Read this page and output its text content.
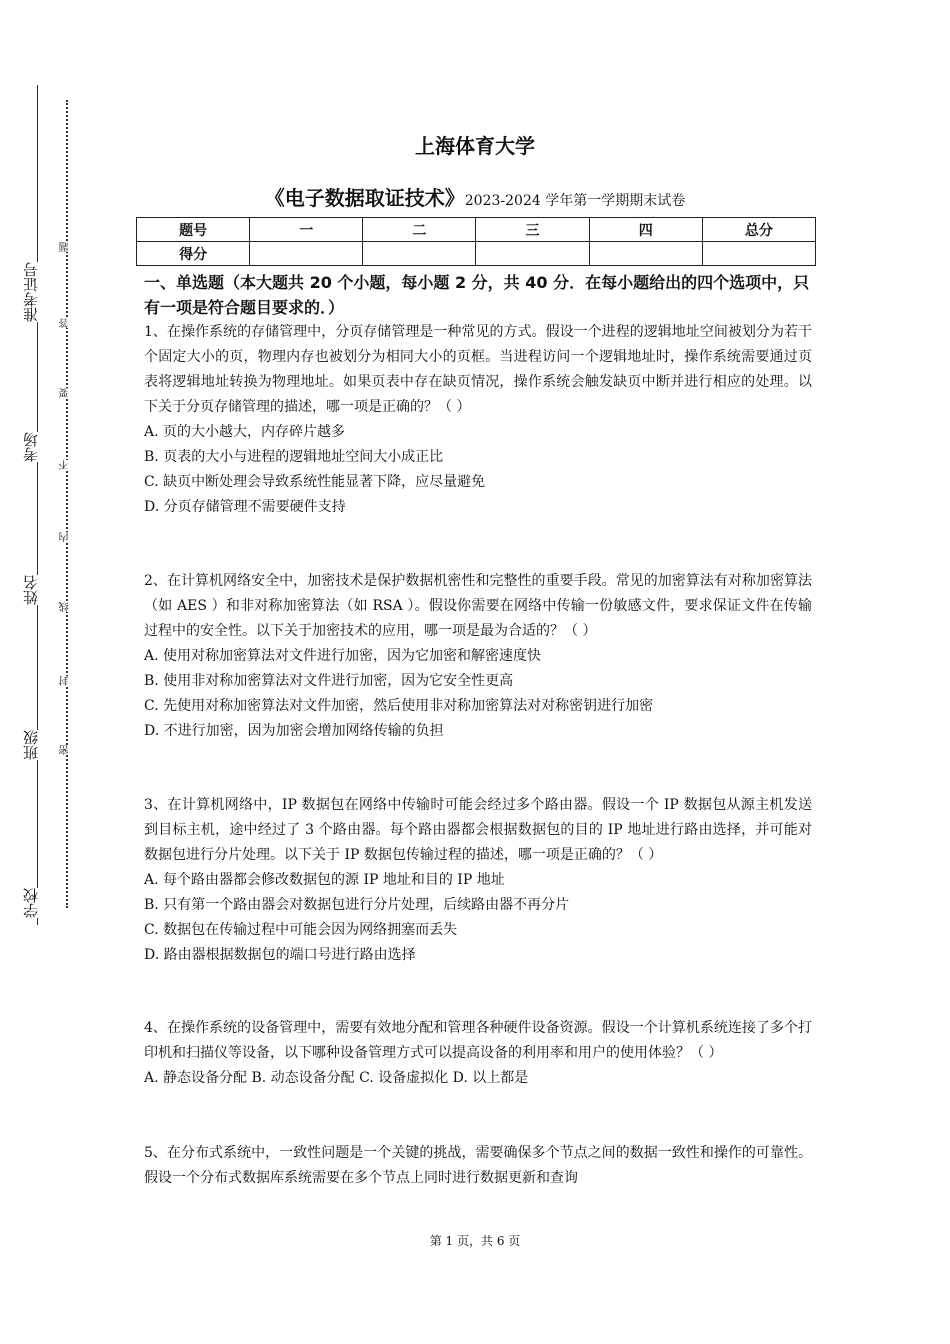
准考证号
考场
姓名
班级
学校
题
答
要
不
内
线
封
密
上海体育大学
《电子数据取证技术》2023-2024 学年第一学期期末试卷
题号	一	二	三	四	总分
得分					
一、单选题（本大题共 20 个小题，每小题 2 分，共 40 分．在每小题给出的四个选项中，只有一项是符合题目要求的．）

1、在操作系统的存储管理中，分页存储管理是一种常见的方式。假设一个进程的逻辑地址空间被划分为若干个固定大小的页，物理内存也被划分为相同大小的页框。当进程访问一个逻辑地址时，操作系统需要通过页表将逻辑地址转换为物理地址。如果页表中存在缺页情况，操作系统会触发缺页中断并进行相应的处理。以下关于分页存储管理的描述，哪一项是正确的？（ ）

A. 页的大小越大，内存碎片越多

B. 页表的大小与进程的逻辑地址空间大小成正比

C. 缺页中断处理会导致系统性能显著下降，应尽量避免

D. 分页存储管理不需要硬件支持

2、在计算机网络安全中，加密技术是保护数据机密性和完整性的重要手段。常见的加密算法有对称加密算法（如 AES ）和非对称加密算法（如 RSA ）。假设你需要在网络中传输一份敏感文件，要求保证文件在传输过程中的安全性。以下关于加密技术的应用，哪一项是最为合适的？（ ）

A. 使用对称加密算法对文件进行加密，因为它加密和解密速度快

B. 使用非对称加密算法对文件进行加密，因为它安全性更高

C. 先使用对称加密算法对文件加密，然后使用非对称加密算法对对称密钥进行加密

D. 不进行加密，因为加密会增加网络传输的负担

3、在计算机网络中，IP 数据包在网络中传输时可能会经过多个路由器。假设一个 IP 数据包从源主机发送到目标主机，途中经过了 3 个路由器。每个路由器都会根据数据包的目的 IP 地址进行路由选择，并可能对数据包进行分片处理。以下关于 IP 数据包传输过程的描述，哪一项是正确的？（ ）

A. 每个路由器都会修改数据包的源 IP 地址和目的 IP 地址

B. 只有第一个路由器会对数据包进行分片处理，后续路由器不再分片

C. 数据包在传输过程中可能会因为网络拥塞而丢失

D. 路由器根据数据包的端口号进行路由选择

4、在操作系统的设备管理中，需要有效地分配和管理各种硬件设备资源。假设一个计算机系统连接了多个打印机和扫描仪等设备，以下哪种设备管理方式可以提高设备的利用率和用户的使用体验？（ ）

A. 静态设备分配 B. 动态设备分配 C. 设备虚拟化 D. 以上都是

5、在分布式系统中，一致性问题是一个关键的挑战，需要确保多个节点之间的数据一致性和操作的可靠性。假设一个分布式数据库系统需要在多个节点上同时进行数据更新和查询

第 1 页，共 6 页
